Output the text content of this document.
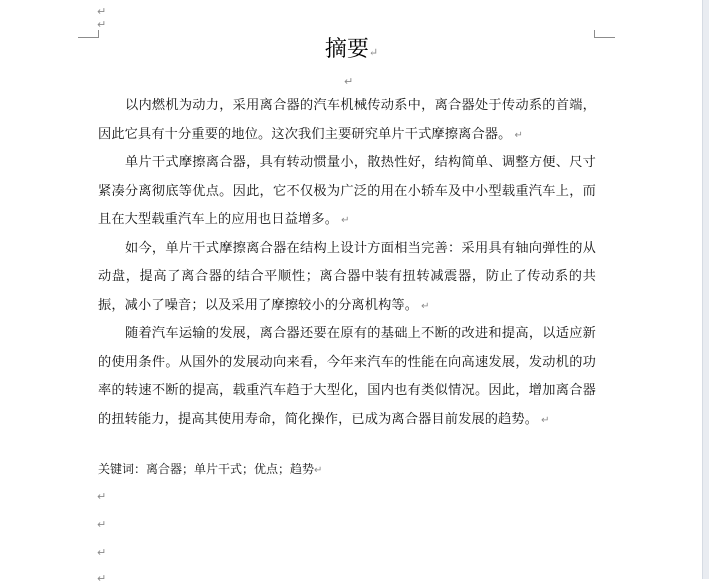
↵
↵
摘要↵
↵

以内燃机为动力，采用离合器的汽车机械传动系中，离合器处于传动系的首端，因此它具有十分重要的地位。这次我们主要研究单片干式摩擦离合器。 ↵

单片干式摩擦离合器，具有转动惯量小，散热性好，结构简单、调整方便、尺寸紧凑分离彻底等优点。因此，它不仅极为广泛的用在小轿车及中小型载重汽车上，而且在大型载重汽车上的应用也日益增多。 ↵

如今，单片干式摩擦离合器在结构上设计方面相当完善：采用具有轴向弹性的从动盘，提高了离合器的结合平顺性；离合器中装有扭转减震器，防止了传动系的共振，减小了噪音；以及采用了摩擦较小的分离机构等。 ↵

随着汽车运输的发展，离合器还要在原有的基础上不断的改进和提高，以适应新的使用条件。从国外的发展动向来看，今年来汽车的性能在向高速发展，发动机的功率的转速不断的提高，载重汽车趋于大型化，国内也有类似情况。因此，增加离合器的扭转能力，提高其使用寿命，简化操作，已成为离合器目前发展的趋势。 ↵

关键词：离合器；单片干式；优点；趋势↵
↵
↵
↵
↵
